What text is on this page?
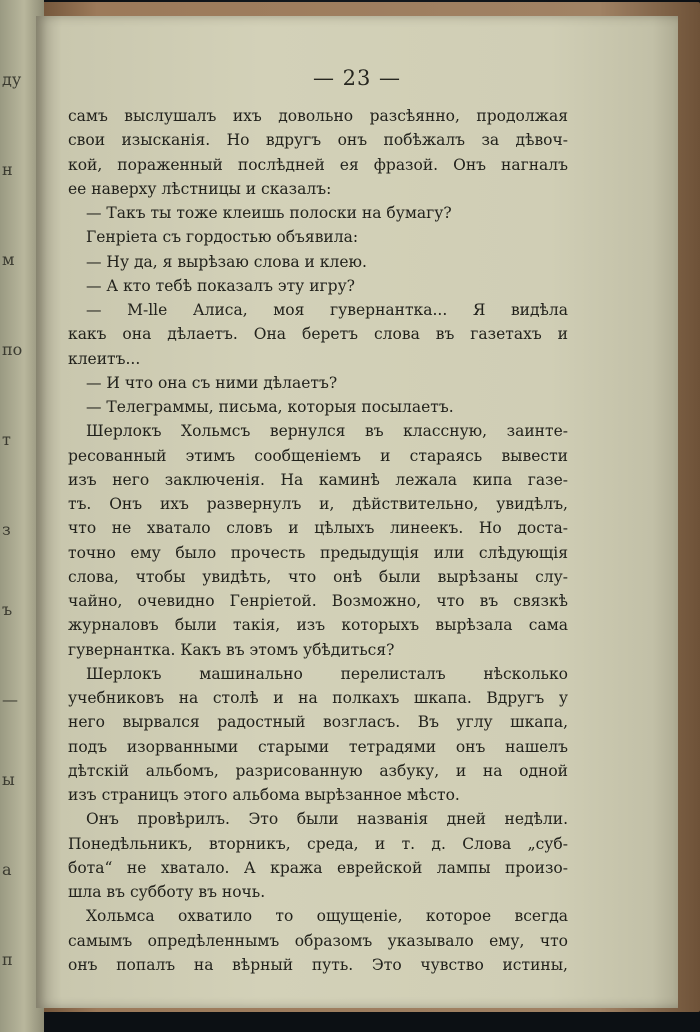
ду
н
м
по
т
з
ъ
—
ы
а
п
— 23 —
самъ выслушалъ ихъ довольно разсѣянно, продолжая
свои изысканія. Но вдругъ онъ побѣжалъ за дѣвоч-
кой, пораженный послѣдней ея фразой. Онъ нагналъ
ее наверху лѣстницы и сказалъ:
— Такъ ты тоже клеишь полоски на бумагу?
Генріета съ гордостью объявила:
— Ну да, я вырѣзаю слова и клею.
— А кто тебѣ показалъ эту игру?
— М-llе Алиса, моя гувернантка... Я видѣла
какъ она дѣлаетъ. Она беретъ слова въ газетахъ и
клеитъ...
— И что она съ ними дѣлаетъ?
— Телеграммы, письма, которыя посылаетъ.
Шерлокъ Хольмсъ вернулся въ классную, заинте-
ресованный этимъ сообщеніемъ и стараясь вывести
изъ него заключенія. На каминѣ лежала кипа газе-
тъ. Онъ ихъ развернулъ и, дѣйствительно, увидѣлъ,
что не хватало словъ и цѣлыхъ линеекъ. Но доста-
точно ему было прочесть предыдущія или слѣдующія
слова, чтобы увидѣть, что онѣ были вырѣзаны слу-
чайно, очевидно Генріетой. Возможно, что въ связкѣ
журналовъ были такія, изъ которыхъ вырѣзала сама
гувернантка. Какъ въ этомъ убѣдиться?
Шерлокъ машинально перелисталъ нѣсколько
учебниковъ на столѣ и на полкахъ шкапа. Вдругъ у
него вырвался радостный возгласъ. Въ углу шкапа,
подъ изорванными старыми тетрадями онъ нашелъ
дѣтскій альбомъ, разрисованную азбуку, и на одной
изъ страницъ этого альбома вырѣзанное мѣсто.
Онъ провѣрилъ. Это были названія дней недѣли.
Понедѣльникъ, вторникъ, среда, и т. д. Слова „суб-
бота“ не хватало. А кража еврейской лампы произо-
шла въ субботу въ ночь.
Хольмса охватило то ощущеніе, которое всегда
самымъ опредѣленнымъ образомъ указывало ему, что
онъ попалъ на вѣрный путь. Это чувство истины,
